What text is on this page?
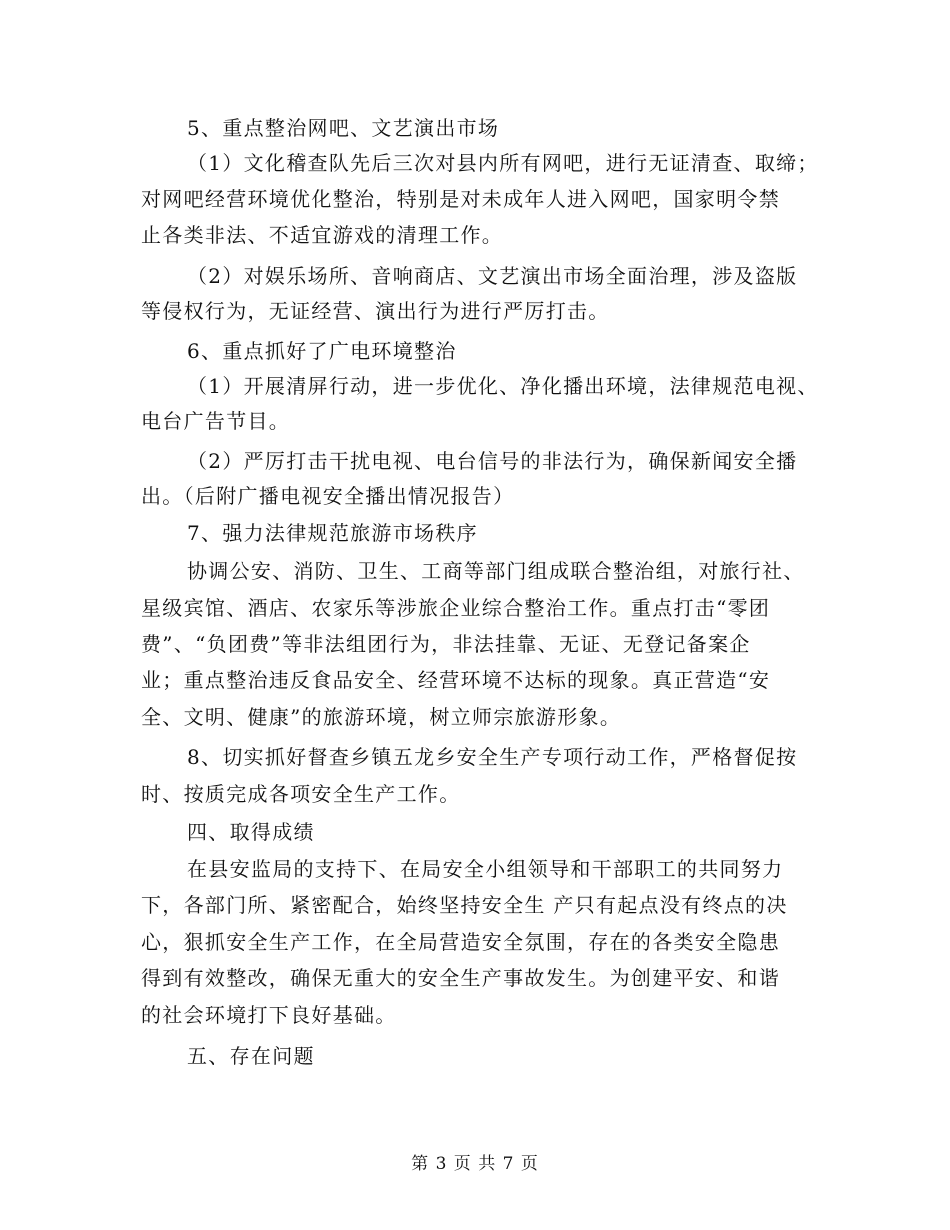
5、重点整治网吧、文艺演出市场
（1）文化稽查队先后三次对县内所有网吧，进行无证清查、取缔；
对网吧经营环境优化整治，特别是对未成年人进入网吧，国家明令禁
止各类非法、不适宜游戏的清理工作。
（2）对娱乐场所、音响商店、文艺演出市场全面治理，涉及盗版
等侵权行为，无证经营、演出行为进行严厉打击。
6、重点抓好了广电环境整治
（1）开展清屏行动，进一步优化、净化播出环境，法律规范电视、
电台广告节目。
（2）严厉打击干扰电视、电台信号的非法行为，确保新闻安全播
出。（后附广播电视安全播出情况报告）
7、强力法律规范旅游市场秩序
协调公安、消防、卫生、工商等部门组成联合整治组，对旅行社、
星级宾馆、酒店、农家乐等涉旅企业综合整治工作。重点打击“零团
费”、“负团费”等非法组团行为，非法挂靠、无证、无登记备案企
业；重点整治违反食品安全、经营环境不达标的现象。真正营造“安
全、文明、健康”的旅游环境，树立师宗旅游形象。
8、切实抓好督查乡镇五龙乡安全生产专项行动工作，严格督促按
时、按质完成各项安全生产工作。
四、取得成绩
在县安监局的支持下、在局安全小组领导和干部职工的共同努力
下，各部门所、紧密配合，始终坚持安全生 产只有起点没有终点的决
心，狠抓安全生产工作，在全局营造安全氛围，存在的各类安全隐患
得到有效整改，确保无重大的安全生产事故发生。为创建平安、和谐
的社会环境打下良好基础。
五、存在问题
第 3 页 共 7 页
